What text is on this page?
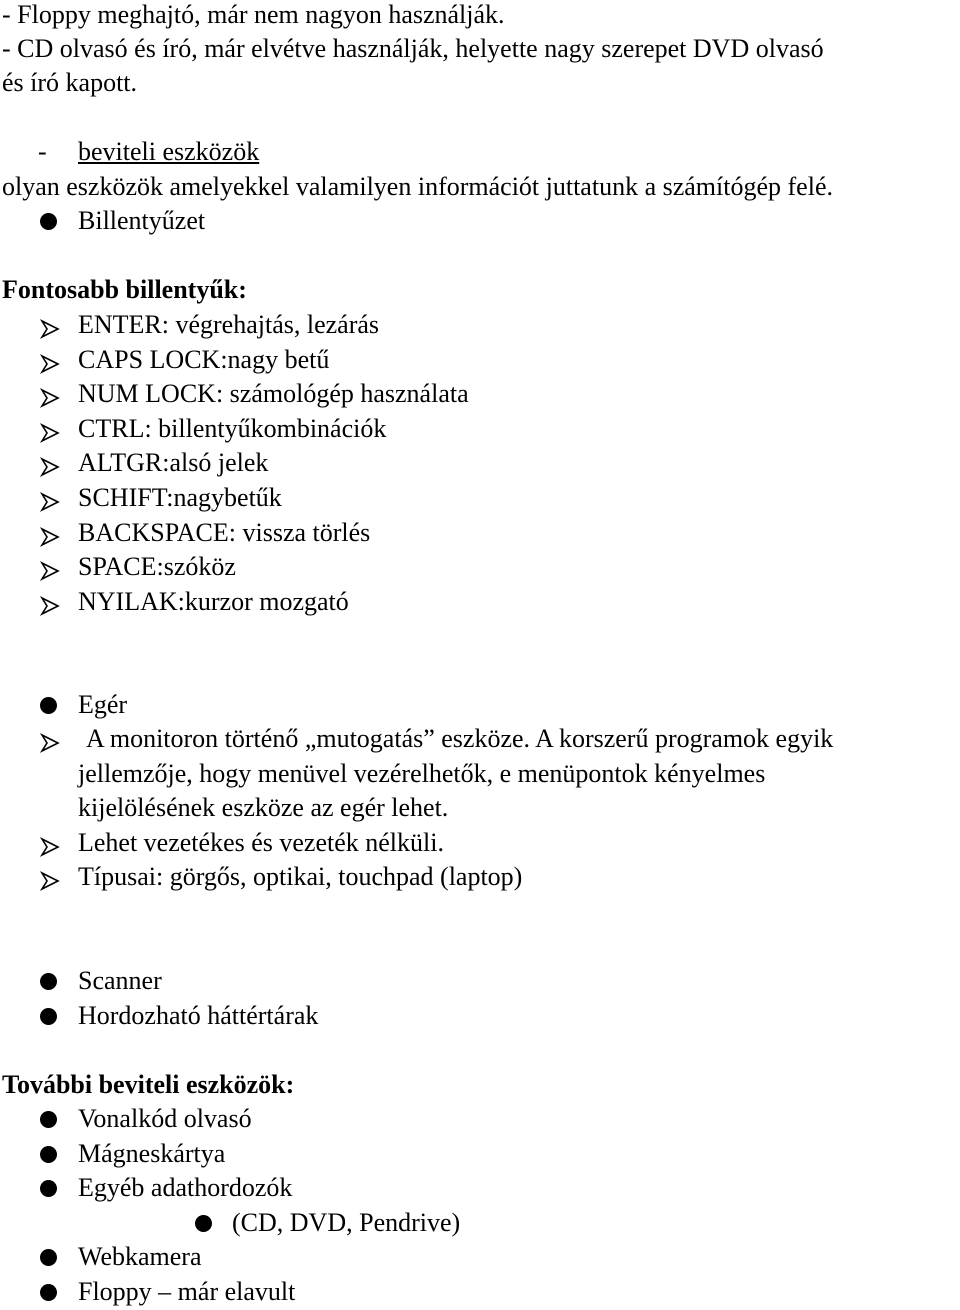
- Floppy meghajtó, már nem nagyon használják.
- CD olvasó és író, már elvétve használják, helyette nagy szerepet DVD olvasó
és író kapott.
- beviteli eszközök
olyan eszközök amelyekkel valamilyen információt juttatunk a számítógép felé.
Billentyűzet
Fontosabb billentyűk:
ENTER: végrehajtás, lezárás
CAPS LOCK:nagy betű
NUM LOCK: számológép használata
CTRL: billentyűkombinációk
ALTGR:alsó jelek
SCHIFT:nagybetűk
BACKSPACE: vissza törlés
SPACE:szóköz
NYILAK:kurzor mozgató
Egér
A monitoron történő „mutogatás” eszköze. A korszerű programok egyik
jellemzője, hogy menüvel vezérelhetők, e menüpontok kényelmes
kijelölésének eszköze az egér lehet.
Lehet vezetékes és vezeték nélküli.
Típusai: görgős, optikai, touchpad (laptop)
Scanner
Hordozható háttértárak
További beviteli eszközök:
Vonalkód olvasó
Mágneskártya
Egyéb adathordozók
(CD, DVD, Pendrive)
Webkamera
Floppy – már elavult
